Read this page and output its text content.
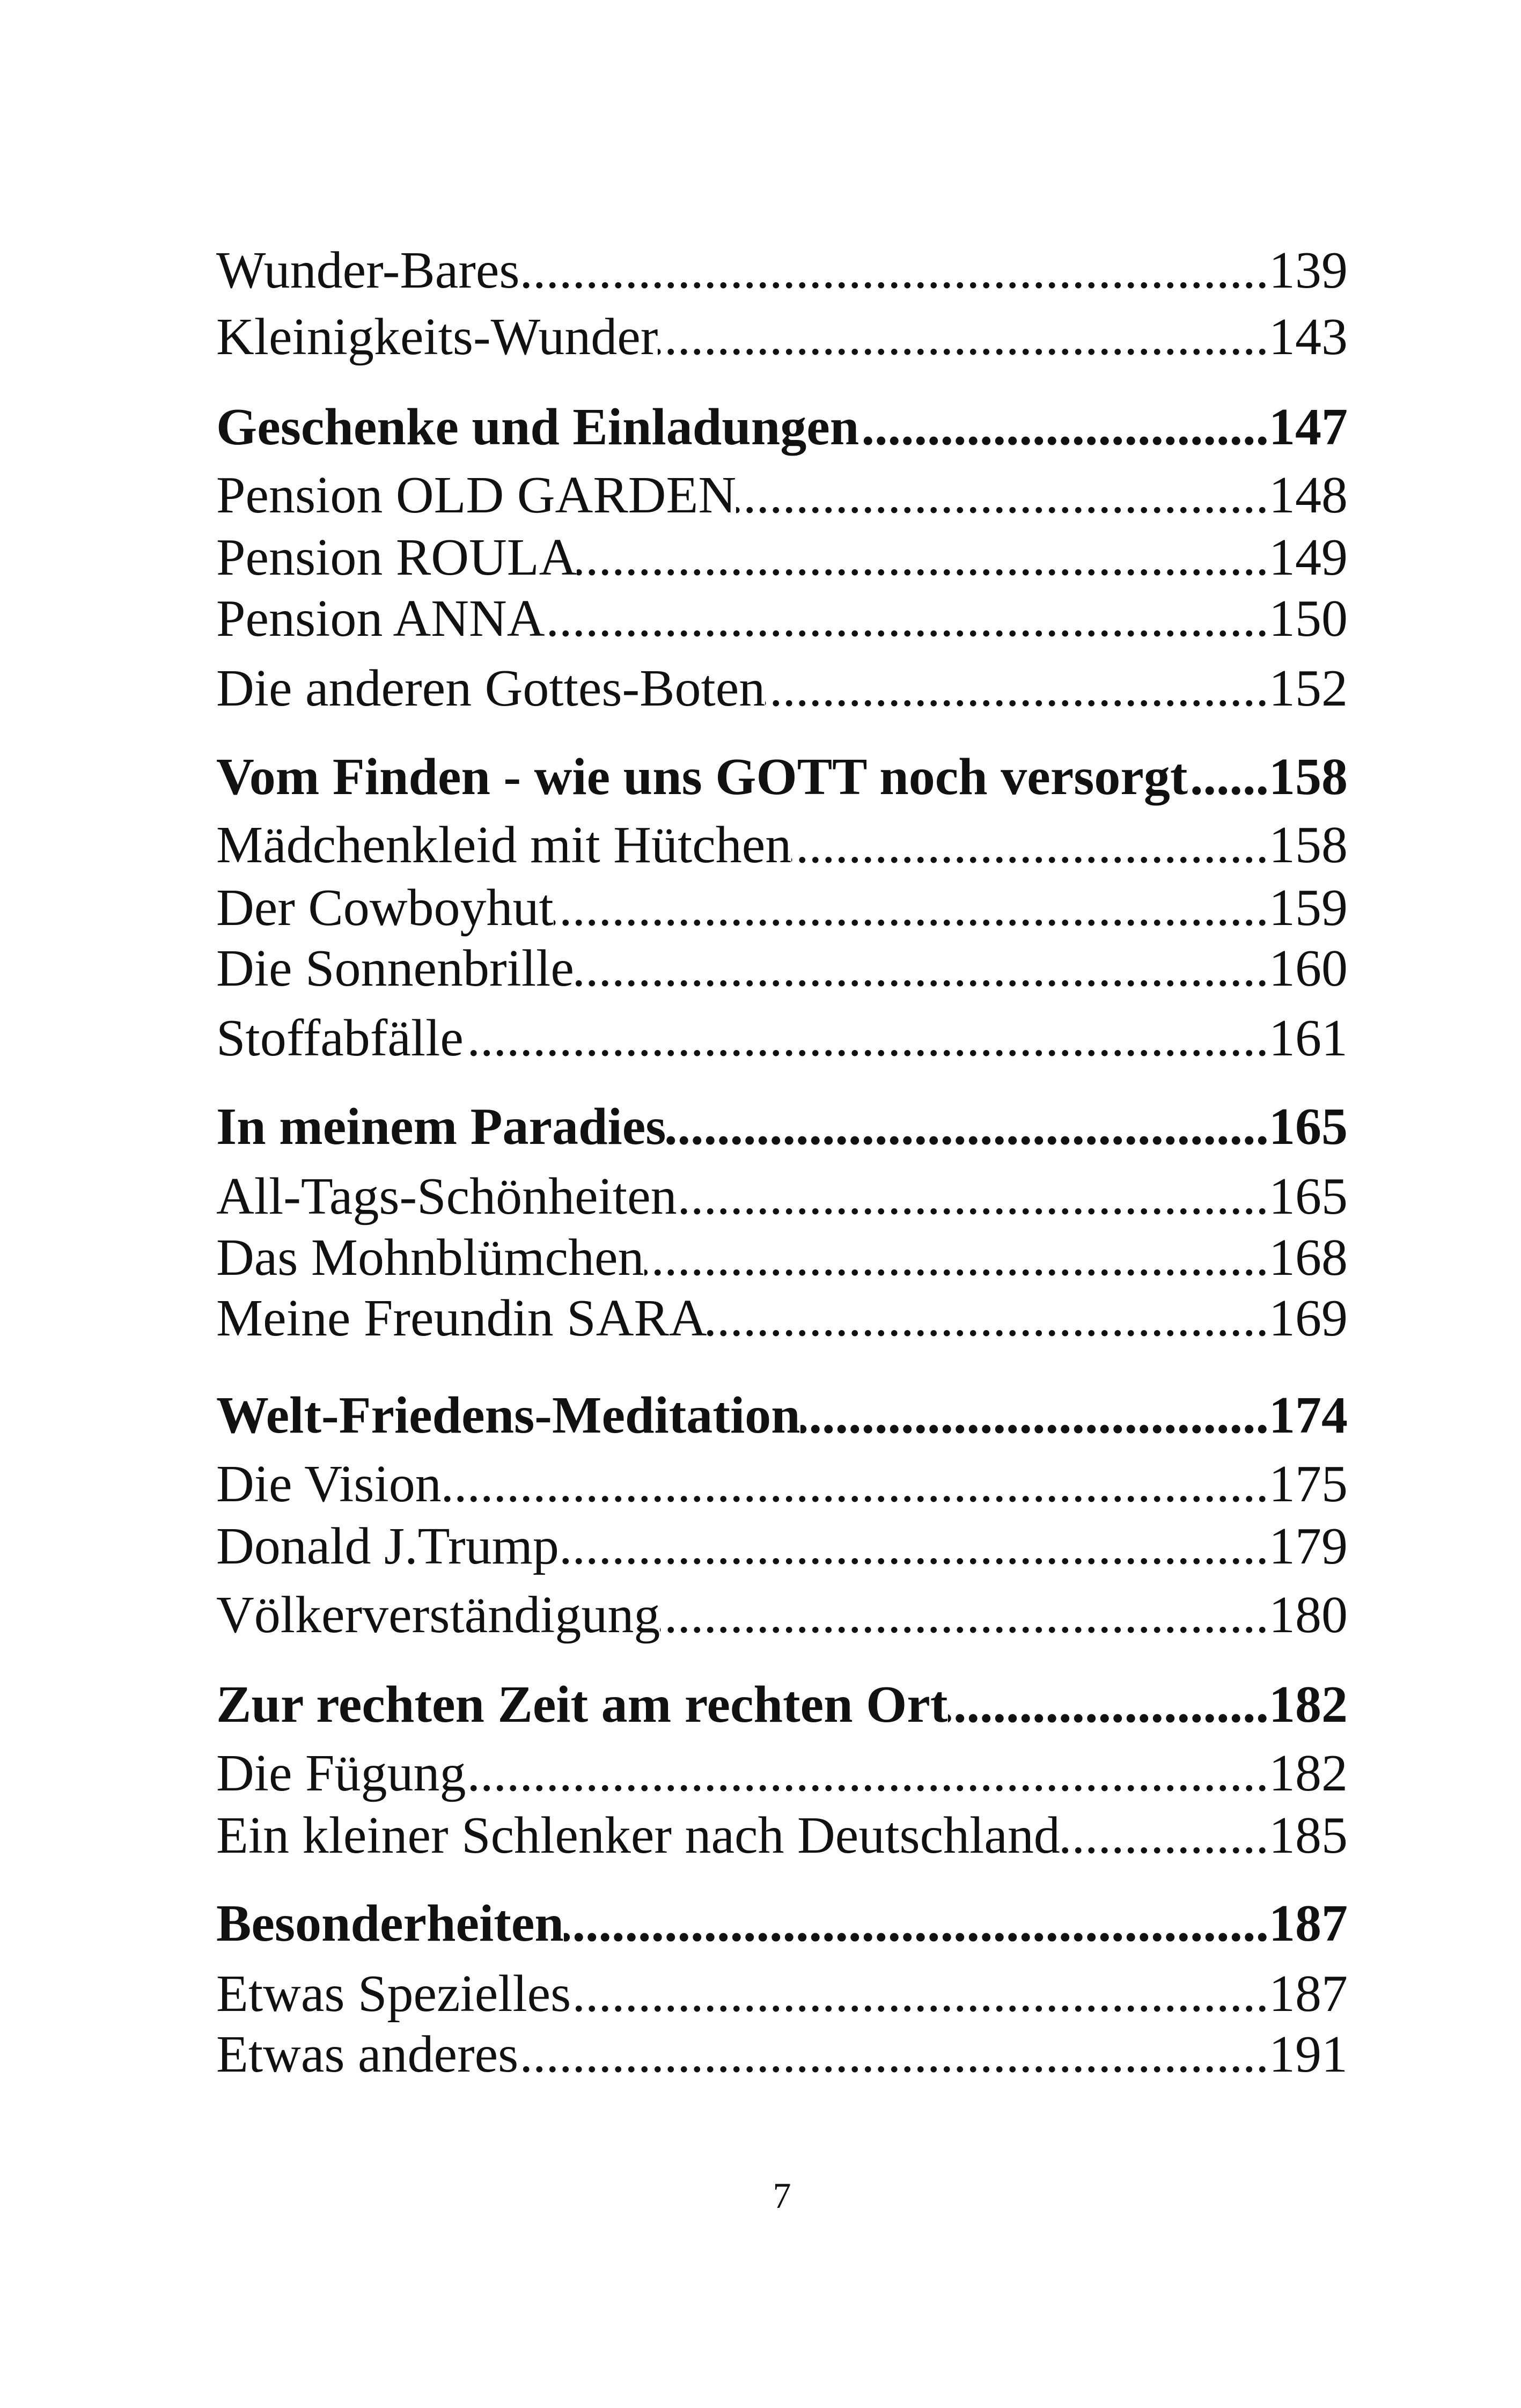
Wunder-Bares .....	139
Kleinigkeits-Wunder .....	143
Geschenke und Einladungen .....	147
Pension OLD GARDEN .....	148
Pension ROULA .....	149
Pension ANNA .....	150
Die anderen Gottes-Boten .....	152
Vom Finden - wie uns GOTT noch versorgt ..... 158
Mädchenkleid mit Hütchen .....	158
Der Cowboyhut .....	159
Die Sonnenbrille .....	160
Stoffabfälle .....	161
In meinem Paradies .....	165
All-Tags-Schönheiten .....	165
Das Mohnblümchen .....	168
Meine Freundin SARA .....	169
Welt-Friedens-Meditation .....	174
Die Vision .....	175
Donald J.Trump .....	179
Völkerverständigung .....	180
Zur rechten Zeit am rechten Ort .....	182
Die Fügung .....	182
Ein kleiner Schlenker nach Deutschland .....	185
Besonderheiten .....	187
Etwas Spezielles .....	187
Etwas anderes .....	191
7
